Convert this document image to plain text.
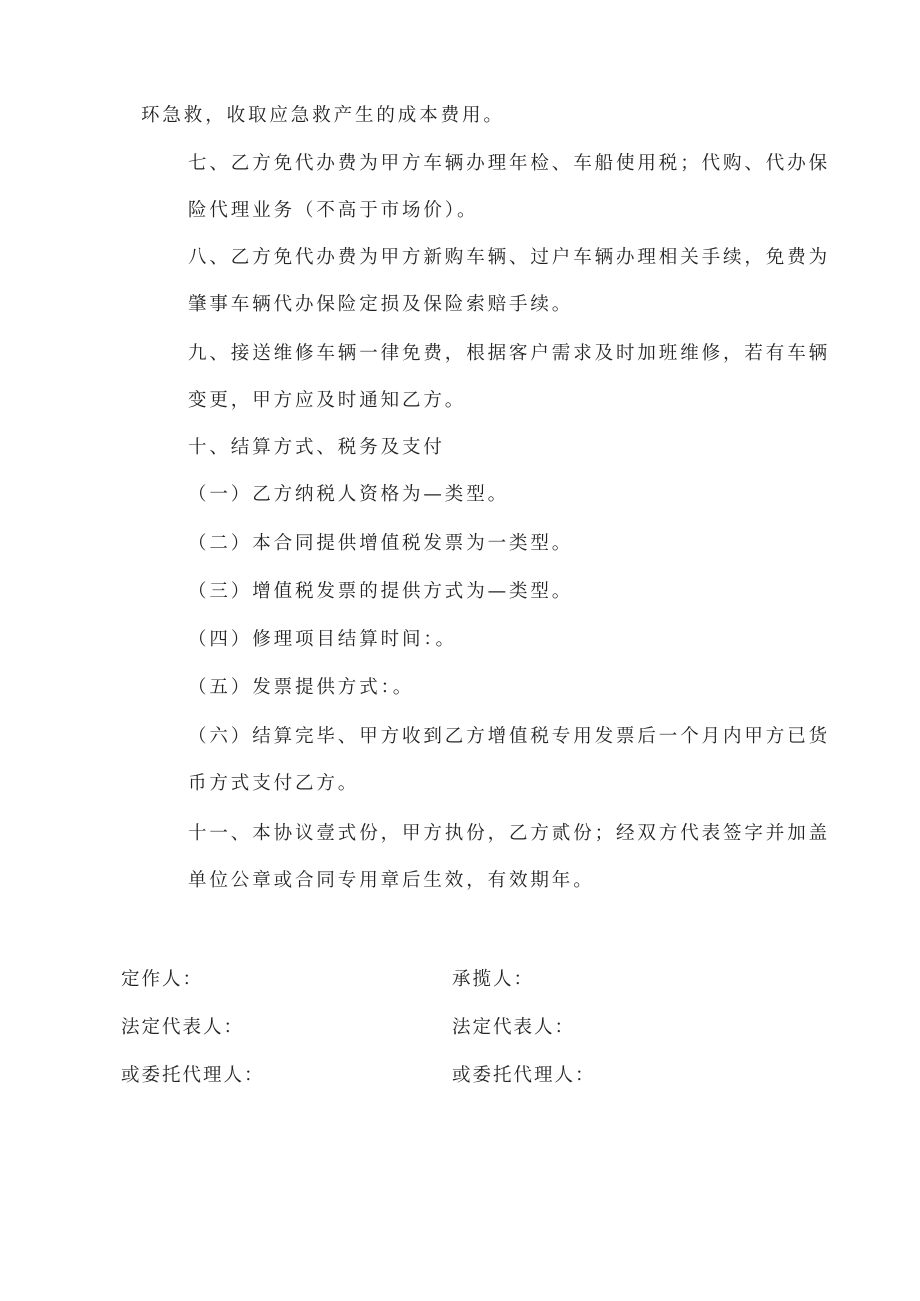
环急救，收取应急救产生的成本费用。

七、乙方免代办费为甲方车辆办理年检、车船使用税；代购、代办保险代理业务（不高于市场价）。

八、乙方免代办费为甲方新购车辆、过户车辆办理相关手续，免费为肇事车辆代办保险定损及保险索赔手续。

九、接送维修车辆一律免费，根据客户需求及时加班维修，若有车辆变更，甲方应及时通知乙方。

十、结算方式、税务及支付

（一）乙方纳税人资格为—类型。

（二）本合同提供增值税发票为一类型。

（三）增值税发票的提供方式为—类型。

（四）修理项目结算时间：。

（五）发票提供方式：。

（六）结算完毕、甲方收到乙方增值税专用发票后一个月内甲方已货币方式支付乙方。

十一、本协议壹式份，甲方执份，乙方贰份；经双方代表签字并加盖单位公章或合同专用章后生效，有效期年。

定作人：

法定代表人：

或委托代理人：

承揽人：

法定代表人：

或委托代理人：
